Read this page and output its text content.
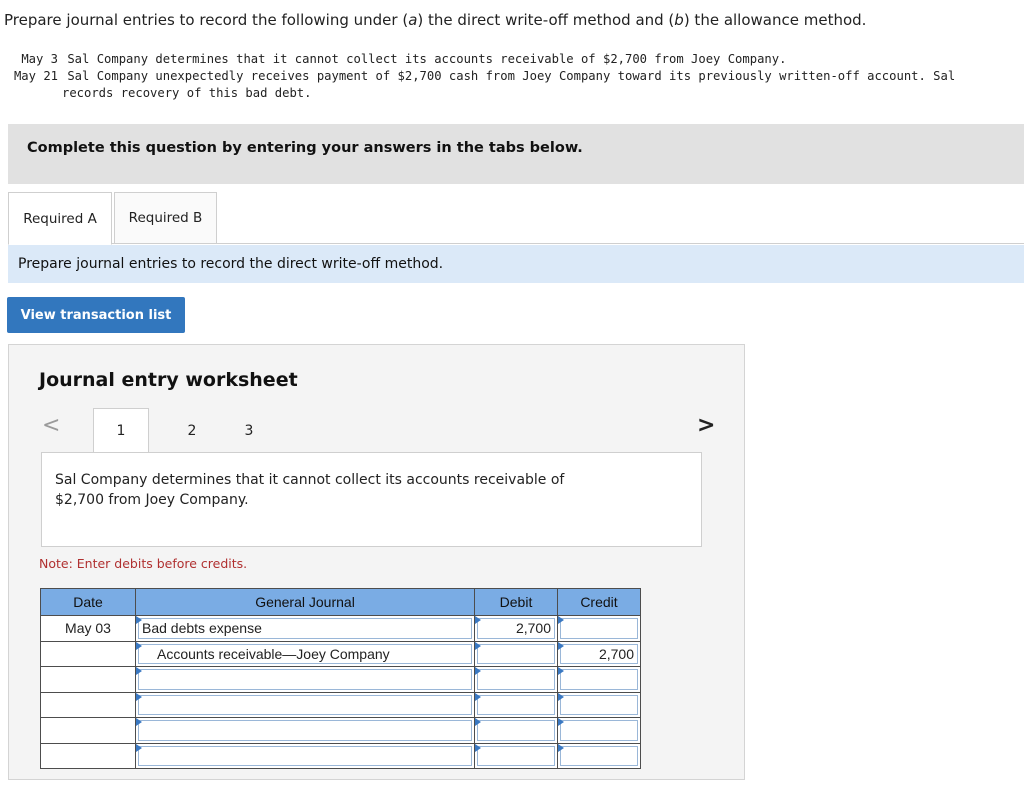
Prepare journal entries to record the following under (a) the direct write-off method and (b) the allowance method.
May 3 Sal Company determines that it cannot collect its accounts receivable of $2,700 from Joey Company.
May 21 Sal Company unexpectedly receives payment of $2,700 cash from Joey Company toward its previously written-off account. Sal
records recovery of this bad debt.
Complete this question by entering your answers in the tabs below.
Required A	Required B
Prepare journal entries to record the direct write-off method.
View transaction list
Journal entry worksheet
<	1	2	3	>
Sal Company determines that it cannot collect its accounts receivable of $2,700 from Joey Company.
Note: Enter debits before credits.
Date	General Journal	Debit	Credit

May 03	Bad debts expense	2,700	

Accounts receivable—Joey Company		2,700
